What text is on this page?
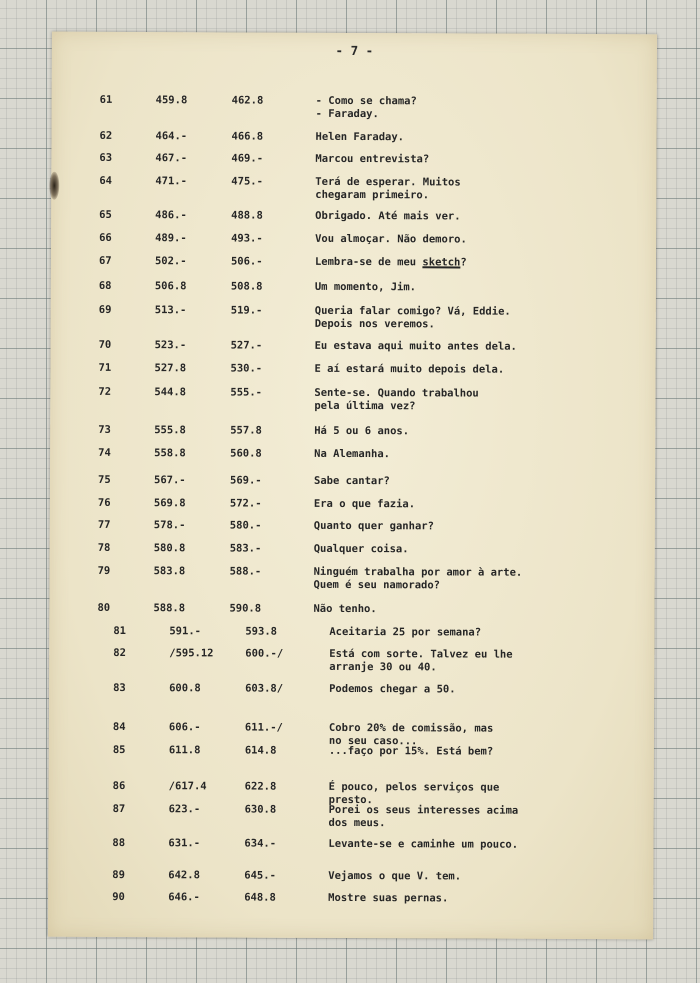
- 7 -
61	459.8	462.8	- Como se chama?
- Faraday.
62	464.-	466.8	Helen Faraday.
63	467.-	469.-	Marcou entrevista?
64	471.-	475.-	Terá de esperar. Muitos
chegaram primeiro.
65	486.-	488.8	Obrigado. Até mais ver.
66	489.-	493.-	Vou almoçar. Não demoro.
67	502.-	506.-	Lembra-se de meu sketch?
68	506.8	508.8	Um momento, Jim.
69	513.-	519.-	Queria falar comigo? Vá, Eddie.
Depois nos veremos.
70	523.-	527.-	Eu estava aqui muito antes dela.
71	527.8	530.-	E aí estará muito depois dela.
72	544.8	555.-	Sente-se. Quando trabalhou
pela última vez?
73	555.8	557.8	Há 5 ou 6 anos.
74	558.8	560.8	Na Alemanha.
75	567.-	569.-	Sabe cantar?
76	569.8	572.-	Era o que fazia.
77	578.-	580.-	Quanto quer ganhar?
78	580.8	583.-	Qualquer coisa.
79	583.8	588.-	Ninguém trabalha por amor à arte.
Quem é seu namorado?
80	588.8	590.8	Não tenho.
81	591.-	593.8	Aceitaria 25 por semana?
82	/595.12	600.-/	Está com sorte. Talvez eu lhe
arranje 30 ou 40.
83	600.8	603.8/	Podemos chegar a 50.
84	606.-	611.-/	Cobro 20% de comissão, mas
no seu caso...
85	611.8	614.8	...faço por 15%. Está bem?
86	/617.4	622.8	É pouco, pelos serviços que
presto.
87	623.-	630.8	Porei os seus interesses acima
dos meus.
88	631.-	634.-	Levante-se e caminhe um pouco.
89	642.8	645.-	Vejamos o que V. tem.
90	646.-	648.8	Mostre suas pernas.
